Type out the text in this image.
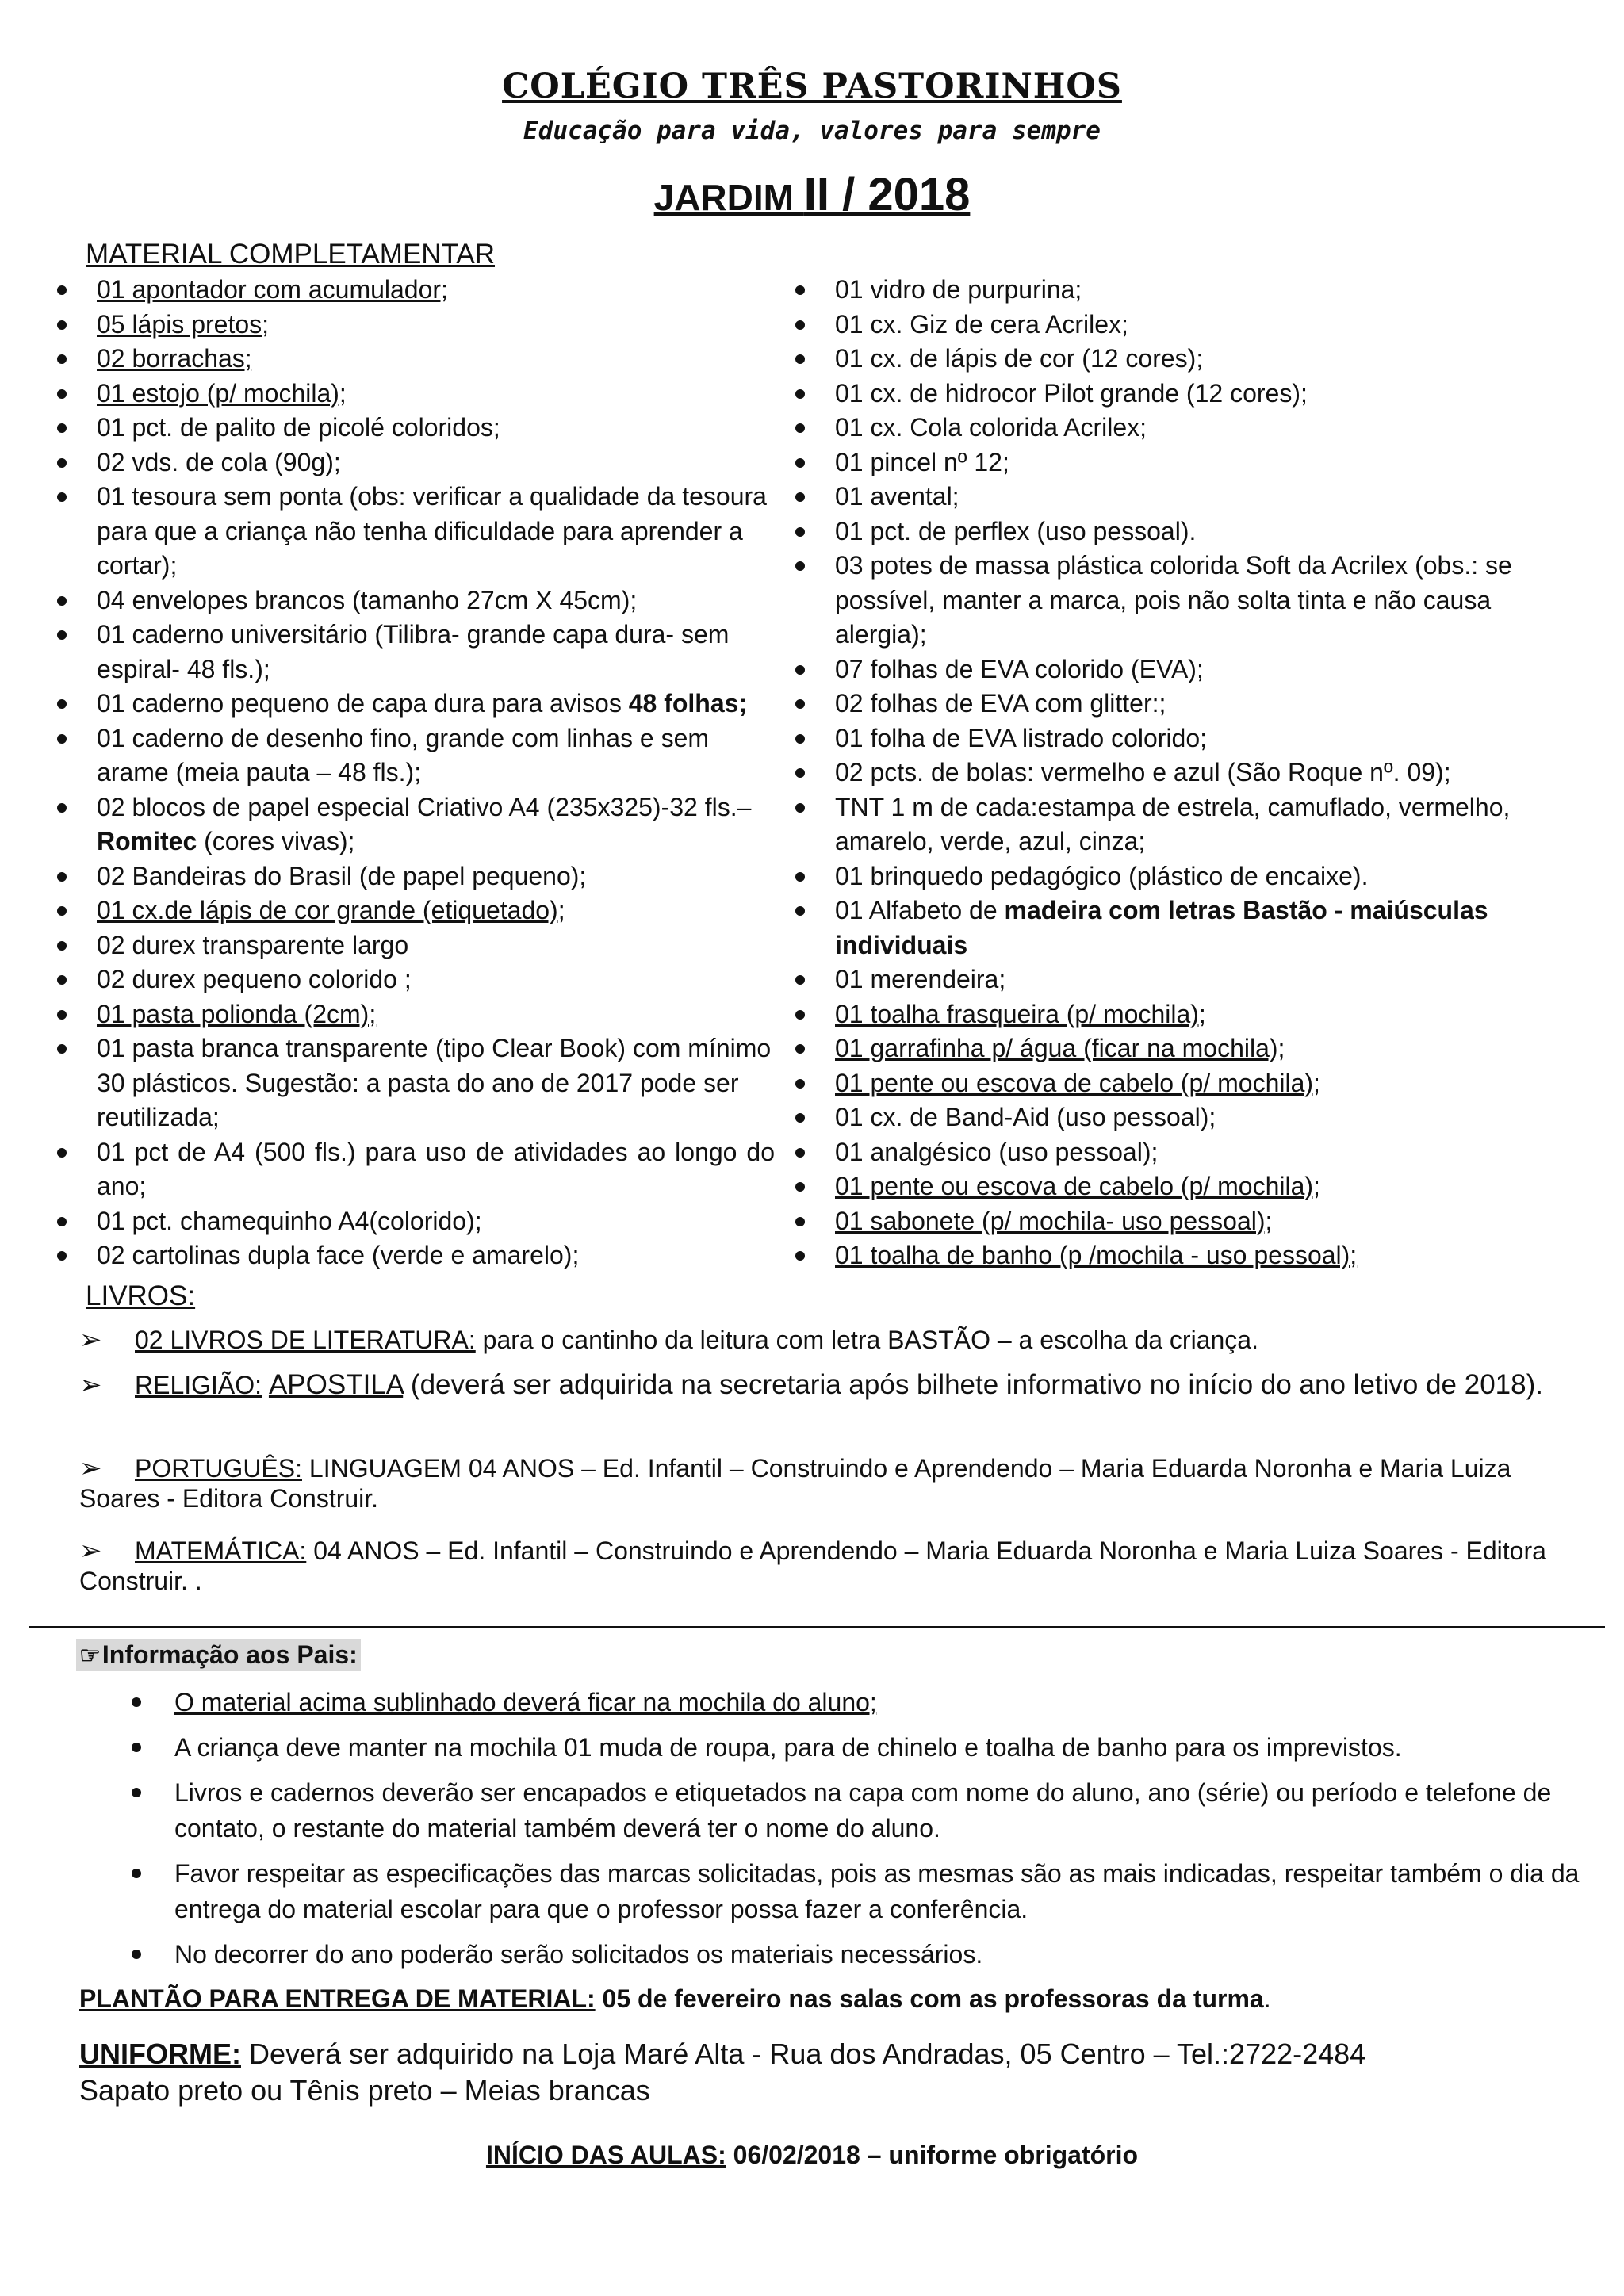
COLÉGIO TRÊS PASTORINHOS
Educação para vida, valores para sempre
JARDIM II / 2018
MATERIAL COMPLETAMENTAR
01 apontador com acumulador;
05 lápis pretos;
02 borrachas;
01 estojo (p/ mochila);
01 pct. de palito de picolé coloridos;
02 vds. de cola (90g);
01 tesoura sem ponta (obs: verificar a qualidade da tesoura para que a criança não tenha dificuldade para aprender a cortar);
04 envelopes brancos (tamanho 27cm X 45cm);
01 caderno universitário (Tilibra- grande capa dura- sem espiral- 48 fls.);
01 caderno pequeno de capa dura para avisos 48 folhas;
01 caderno de desenho fino, grande com linhas e sem arame (meia pauta – 48 fls.);
02 blocos de papel especial Criativo A4 (235x325)-32 fls.– Romitec (cores vivas);
02 Bandeiras do Brasil (de papel pequeno);
01 cx.de lápis de cor grande (etiquetado);
02 durex transparente largo
02 durex pequeno colorido ;
01 pasta polionda (2cm);
01 pasta branca transparente (tipo Clear Book) com mínimo 30 plásticos. Sugestão: a pasta do ano de 2017 pode ser reutilizada;
01 pct de A4 (500 fls.) para uso de atividades ao longo do ano;
01 pct. chamequinho A4(colorido);
02 cartolinas dupla face (verde e amarelo);
01 vidro de purpurina;
01 cx. Giz de cera Acrilex;
01 cx. de lápis de cor (12 cores);
01 cx. de hidrocor Pilot grande (12 cores);
01 cx. Cola colorida Acrilex;
01 pincel nº 12;
01 avental;
01 pct. de perflex (uso pessoal).
03 potes de massa plástica colorida Soft da Acrilex (obs.: se possível, manter a marca, pois não solta tinta e não causa alergia);
07 folhas de EVA colorido (EVA);
02 folhas de EVA com glitter:;
01 folha de EVA listrado colorido;
02 pcts. de bolas: vermelho e azul (São Roque nº. 09);
TNT 1 m de cada:estampa de estrela, camuflado, vermelho, amarelo, verde, azul, cinza;
01 brinquedo pedagógico (plástico de encaixe).
01 Alfabeto de madeira com letras Bastão - maiúsculas individuais
01 merendeira;
01 toalha frasqueira (p/ mochila);
01 garrafinha p/ água (ficar na mochila);
01 pente ou escova de cabelo (p/ mochila);
01 cx. de Band-Aid (uso pessoal);
01 analgésico (uso pessoal);
01 pente ou escova de cabelo (p/ mochila);
01 sabonete (p/ mochila- uso pessoal);
01 toalha de banho (p /mochila - uso pessoal);
LIVROS:
➢	02 LIVROS DE LITERATURA: para o cantinho da leitura com letra BASTÃO – a escolha da criança.
➢	RELIGIÃO: APOSTILA (deverá ser adquirida na secretaria após bilhete informativo no início do ano letivo de 2018).
➢	PORTUGUÊS: LINGUAGEM 04 ANOS – Ed. Infantil – Construindo e Aprendendo – Maria Eduarda Noronha e Maria Luiza Soares - Editora Construir.
➢	MATEMÁTICA: 04 ANOS – Ed. Infantil – Construindo e Aprendendo – Maria Eduarda Noronha e Maria Luiza Soares - Editora Construir. .
☞Informação aos Pais:
O material acima sublinhado deverá ficar na mochila do aluno;
A criança deve manter na mochila 01 muda de roupa, para de chinelo e toalha de banho para os imprevistos.
Livros e cadernos deverão ser encapados e etiquetados na capa com nome do aluno, ano (série) ou período e telefone de contato, o restante do material também deverá ter o nome do aluno.
Favor respeitar as especificações das marcas solicitadas, pois as mesmas são as mais indicadas, respeitar também o dia da entrega do material escolar para que o professor possa fazer a conferência.
No decorrer do ano poderão serão solicitados os materiais necessários.
PLANTÃO PARA ENTREGA DE MATERIAL: 05 de fevereiro nas salas com as professoras da turma.
UNIFORME: Deverá ser adquirido na Loja Maré Alta - Rua dos Andradas, 05 Centro – Tel.:2722-2484
Sapato preto ou Tênis preto – Meias brancas
INÍCIO DAS AULAS: 06/02/2018 – uniforme obrigatório
